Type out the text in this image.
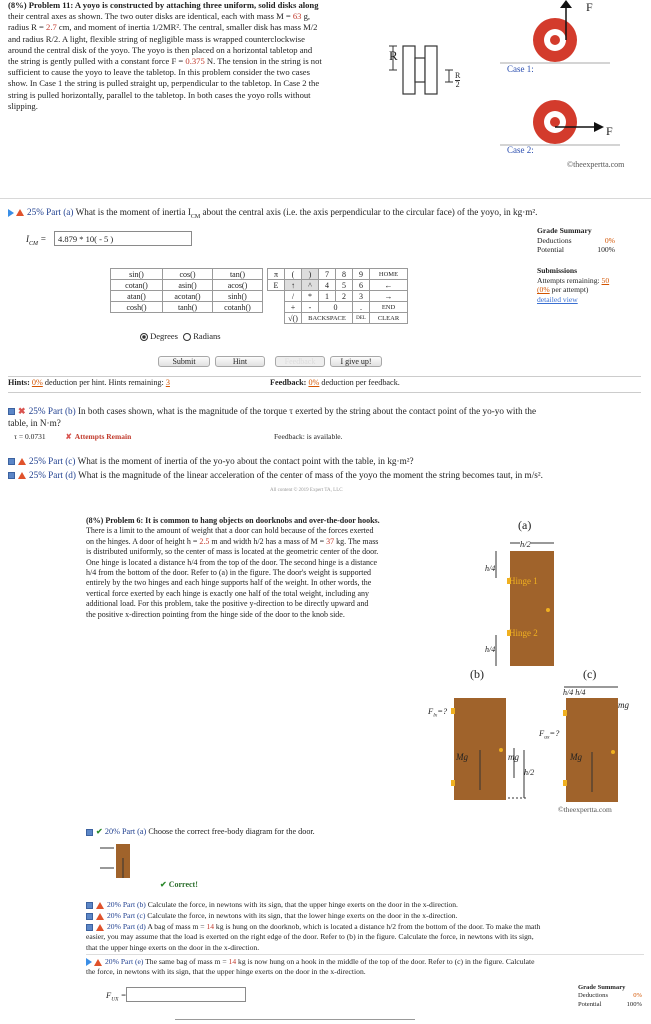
(8%) Problem 11: A yoyo is constructed by attaching three uniform, solid disks along
their central axes as shown. The two outer disks are identical, each with mass M = 63 g,
radius R = 2.7 cm, and moment of inertia 1/2MR². The central, smaller disk has mass M/2
and radius R/2. A light, flexible string of negligible mass is wrapped counterclockwise
around the central disk of the yoyo. The yoyo is then placed on a horizontal tabletop and
the string is gently pulled with a constant force F = 0.375 N. The tension in the string is not
sufficient to cause the yoyo to leave the tabletop. In this problem consider the two cases
show. In Case 1 the string is pulled straight up, perpendicular to the tabletop. In Case 2 the
string is pulled horizontally, parallel to the tabletop. In both cases the yoyo rolls without
slipping.
R
R
2
F
Case 1:
F
Case 2:
©theexpertta.com
25% Part (a) What is the moment of inertia $I_{CM}$ about the central axis (i.e. the axis perpendicular to the circular face) of the yoyo, in kg·m².
$I_{CM}$ =	4.879 * 10( - 5 )
Grade Summary
Deductions	0%
Potential	100%
Submissions
Attempts remaining: 50
(0% per attempt)
detailed view
sin()	cos()	tan()
cotan()	asin()	acos()
atan()	acotan()	sinh()
cosh()	tanh()	cotanh()
π	(	)	7	8	9	HOME
E	↑	^	4	5	6	←
	/	*	1	2	3	→
	+	-	0		.	END
	√()	BACKSPACE			DEL	CLEAR
Degrees Radians
Submit	Hint	Feedback	I give up!
Hints: 0% deduction per hint. Hints remaining: 3	Feedback: 0% deduction per feedback.
✖ 25% Part (b) In both cases shown, what is the magnitude of the torque τ exerted by the string about the contact point of the yo-yo with the
table, in N·m?
τ = 0.0731	✘ Attempts Remain	Feedback: is available.
25% Part (c) What is the moment of inertia of the yo-yo about the contact point with the table, in kg·m²?
25% Part (d) What is the magnitude of the linear acceleration of the center of mass of the yoyo the moment the string becomes taut, in m/s².
All content © 2019 Expert TA, LLC
(8%) Problem 6: It is common to hang objects on doorknobs and over-the-door hooks.
There is a limit to the amount of weight that a door can hold because of the forces exerted
on the hinges. A door of height h = 2.5 m and width h/2 has a mass of M = 37 kg. The mass
is distributed uniformly, so the center of mass is located at the geometric center of the door.
One hinge is located a distance h/4 from the top of the door. The second hinge is a distance
h/4 from the bottom of the door. Refer to (a) in the figure. The door's weight is supported
entirely by the two hinges and each hinge supports half of the weight. In other words, the
vertical force exerted by each hinge is exactly one half of the total weight, including any
additional load. For this problem, take the positive y-direction to be directly upward and
the positive x-direction pointing from the hinge side of the door to the knob side.
(a)
h/2
h/4
Hinge 1
Hinge 2
h/4
(b)
$F_{lx}=$?
Mg	mg
h/2
(c)
h/4 h/4
mg
$F_{ux}=$?
Mg
©theexpertta.com
✔ 20% Part (a) Choose the correct free-body diagram for the door.
✔ Correct!
20% Part (b) Calculate the force, in newtons with its sign, that the upper hinge exerts on the door in the x-direction.
20% Part (c) Calculate the force, in newtons with its sign, that the lower hinge exerts on the door in the x-direction.
20% Part (d) A bag of mass m = 14 kg is hung on the doorknob, which is located a distance h/2 from the bottom of the door. To make the math
easier, you may assume that the load is exerted on the right edge of the door. Refer to (b) in the figure. Calculate the force, in newtons with its sign,
that the upper hinge exerts on the door in the x-direction.
20% Part (e) The same bag of mass m = 14 kg is now hung on a hook in the middle of the top of the door. Refer to (c) in the figure. Calculate
the force, in newtons with its sign, that the upper hinge exerts on the door in the x-direction.
$F_{UX}$ =
Grade Summary
Deductions	0%
Potential	100%
